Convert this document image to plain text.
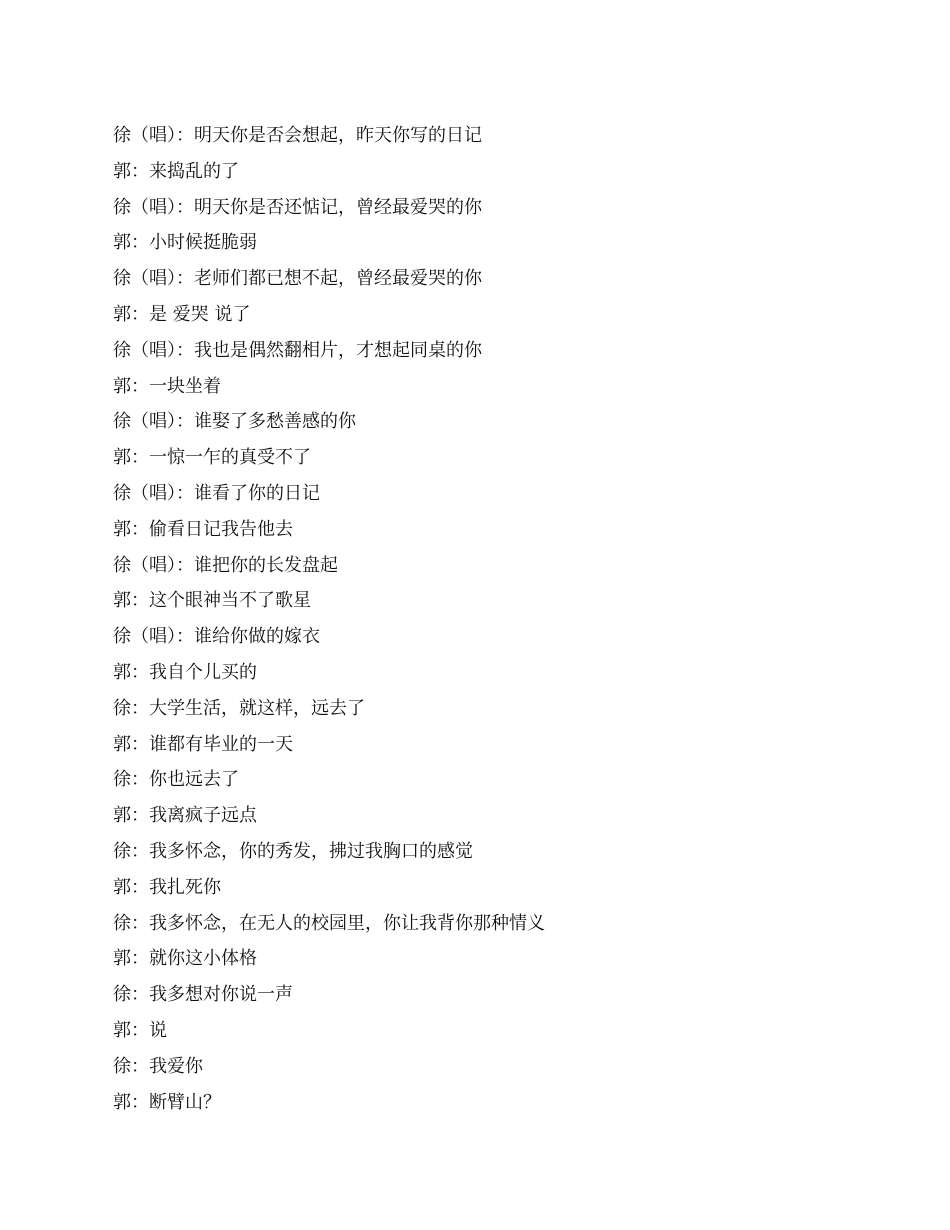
徐（唱）：明天你是否会想起，昨天你写的日记
郭：来捣乱的了
徐（唱）：明天你是否还惦记，曾经最爱哭的你
郭：小时候挺脆弱
徐（唱）：老师们都已想不起，曾经最爱哭的你
郭：是 爱哭 说了
徐（唱）：我也是偶然翻相片，才想起同桌的你
郭：一块坐着
徐（唱）：谁娶了多愁善感的你
郭：一惊一乍的真受不了
徐（唱）：谁看了你的日记
郭：偷看日记我告他去
徐（唱）：谁把你的长发盘起
郭：这个眼神当不了歌星
徐（唱）：谁给你做的嫁衣
郭：我自个儿买的
徐：大学生活，就这样，远去了
郭：谁都有毕业的一天
徐：你也远去了
郭：我离疯子远点
徐：我多怀念，你的秀发，拂过我胸口的感觉
郭：我扎死你
徐：我多怀念，在无人的校园里，你让我背你那种情义
郭：就你这小体格
徐：我多想对你说一声
郭：说
徐：我爱你
郭：断臂山？
